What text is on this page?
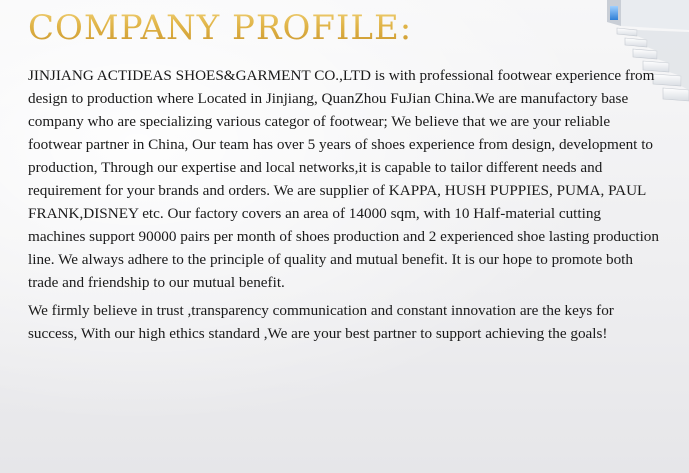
COMPANY PROFILE:

JINJIANG ACTIDEAS SHOES&GARMENT CO.,LTD is with professional footwear experience from design to production where Located in Jinjiang, QuanZhou FuJian China.We are manufactory base company who are specializing various categor of footwear; We believe that we are your reliable footwear partner in China, Our team has over 5 years of shoes experience from design, development to production, Through our expertise and local networks,it is capable to tailor different needs and requirement for your brands and orders. We are supplier of KAPPA, HUSH PUPPIES, PUMA, PAUL FRANK,DISNEY etc. Our factory covers an area of 14000 sqm, with 10 Half-material cutting machines support 90000 pairs per month of shoes production and 2 experienced shoe lasting production line. We always adhere to the principle of quality and mutual benefit. It is our hope to promote both trade and friendship to our mutual benefit.

We firmly believe in trust ,transparency communication and constant innovation are the keys for success, With our high ethics standard ,We are your best partner to support achieving the goals!
